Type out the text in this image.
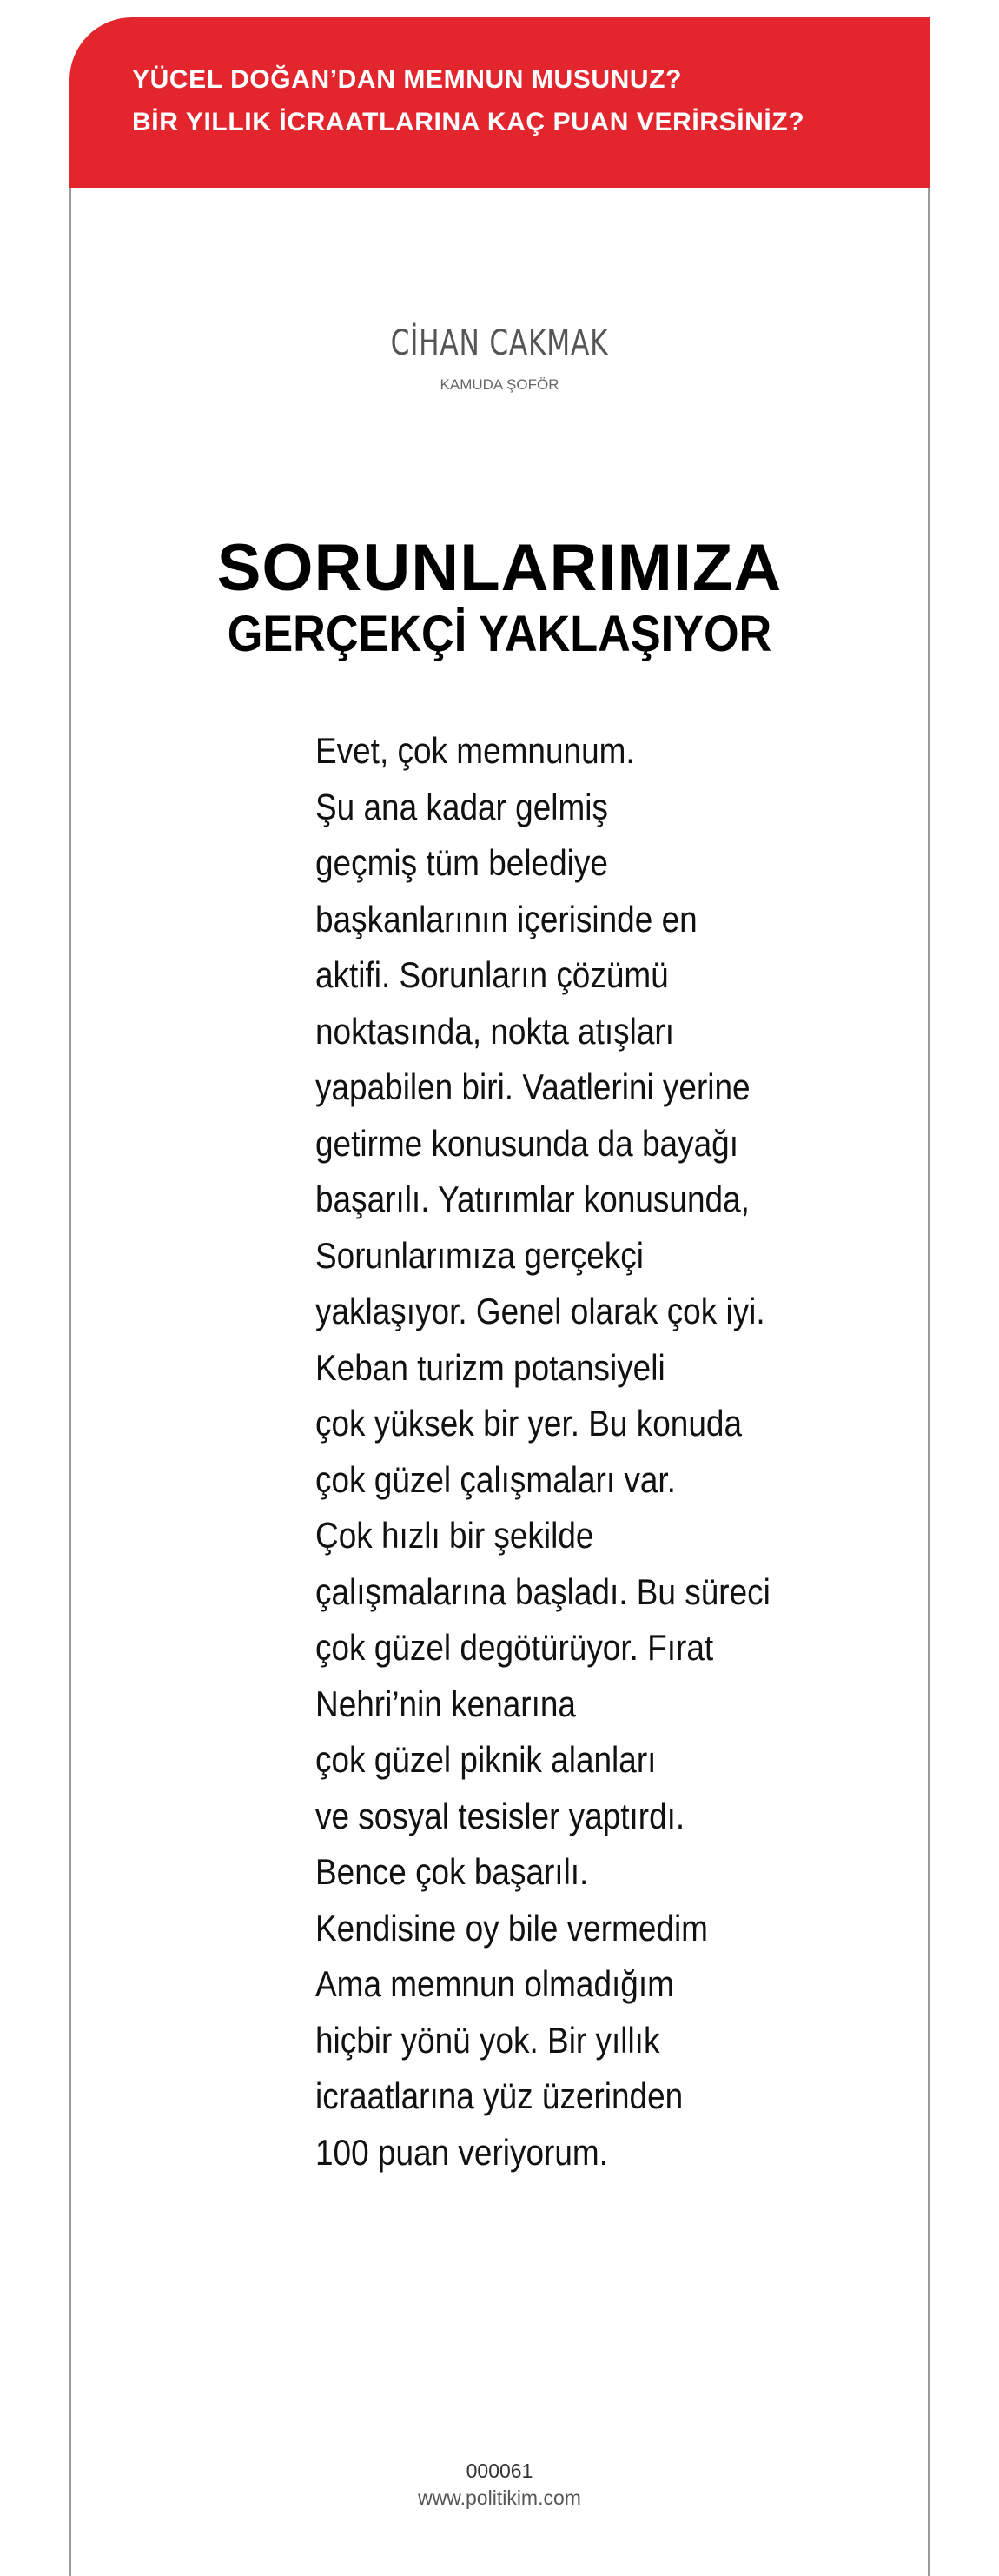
YÜCEL DOĞAN’DAN MEMNUN MUSUNUZ?
BİR YILLIK İCRAATLARINA KAÇ PUAN VERİRSİNİZ?
CİHAN CAKMAK
KAMUDA ŞOFÖR
SORUNLARIMIZA
GERÇEKÇİ YAKLAŞIYOR
Evet, çok memnunum.
Şu ana kadar gelmiş
geçmiş tüm belediye
başkanlarının içerisinde en
aktifi. Sorunların çözümü
noktasında, nokta atışları
yapabilen biri. Vaatlerini yerine
getirme konusunda da bayağı
başarılı. Yatırımlar konusunda,
Sorunlarımıza gerçekçi
yaklaşıyor. Genel olarak çok iyi.
Keban turizm potansiyeli
çok yüksek bir yer. Bu konuda
çok güzel çalışmaları var.
Çok hızlı bir şekilde
çalışmalarına başladı. Bu süreci
çok güzel degötürüyor. Fırat
Nehri’nin kenarına
çok güzel piknik alanları
ve sosyal tesisler yaptırdı.
Bence çok başarılı.
Kendisine oy bile vermedim
Ama memnun olmadığım
hiçbir yönü yok. Bir yıllık
icraatlarına yüz üzerinden
100 puan veriyorum.
000061
www.politikim.com
